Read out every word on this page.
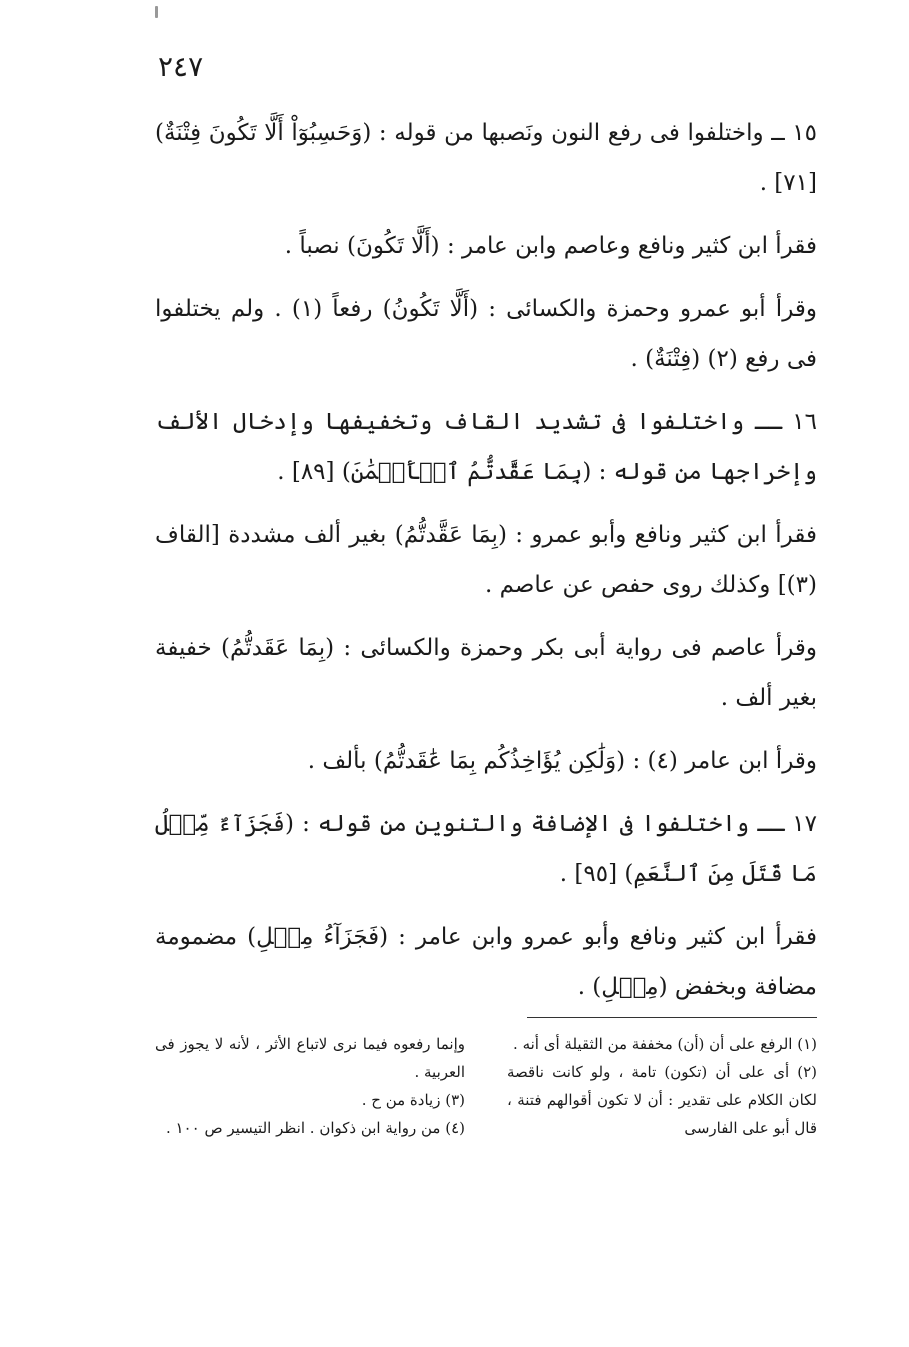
٢٤٧

١٥ ــ واختلفوا فى رفع النون ونَصبها من قوله : (وَحَسِبُوٓاْ أَلَّا تَكُونَ فِتْنَةٌ) [٧١] .

فقرأ ابن كثير ونافع وعاصم وابن عامر : (أَلَّا تَكُونَ) نصباً .

وقرأ أبو عمرو وحمزة والكسائى : (أَلَّا تَكُونُ) رفعاً (١) . ولم يختلفوا فى رفع (٢) (فِتْنَةٌ) .

١٦ ــ واختلفوا فى تشديد القاف وتخفيفها وإدخال الألف وإخراجها من قوله : (بِمَا عَقَّدتُّمُ ٱلۡأَيۡمَٰنَ) [٨٩] .

فقرأ ابن كثير ونافع وأبو عمرو : (بِمَا عَقَّدتُّمُ) بغير ألف مشددة [القاف (٣)] وكذلك روى حفص عن عاصم .

وقرأ عاصم فى رواية أبى بكر وحمزة والكسائى : (بِمَا عَقَدتُّمُ) خفيفة بغير ألف .

وقرأ ابن عامر (٤) : (وَلَٰكِن يُؤَاخِذُكُم بِمَا عَٰقَدتُّمُ) بألف .

١٧ ــ واختلفوا فى الإضافة والتنوين من قوله : (فَجَزَآءٌ مِّثۡلُ مَا قَتَلَ مِنَ ٱلنَّعَمِ) [٩٥] .

فقرأ ابن كثير ونافع وأبو عمرو وابن عامر : (فَجَزَآءُ مِثۡلِ) مضمومة مضافة وبخفض (مِثۡلِ) .

(١) الرفع على أن (أن) مخففة من الثقيلة أى أنه .
(٢) أى على أن (تكون) تامة ، ولو كانت ناقصة لكان الكلام على تقدير : أن لا تكون أقوالهم فتنة ، قال أبو على الفارسى
وإنما رفعوه فيما نرى لاتباع الأثر ، لأنه لا يجوز فى العربية .
(٣) زيادة من ح .
(٤) من رواية ابن ذكوان . انظر التيسير ص ١٠٠ .
